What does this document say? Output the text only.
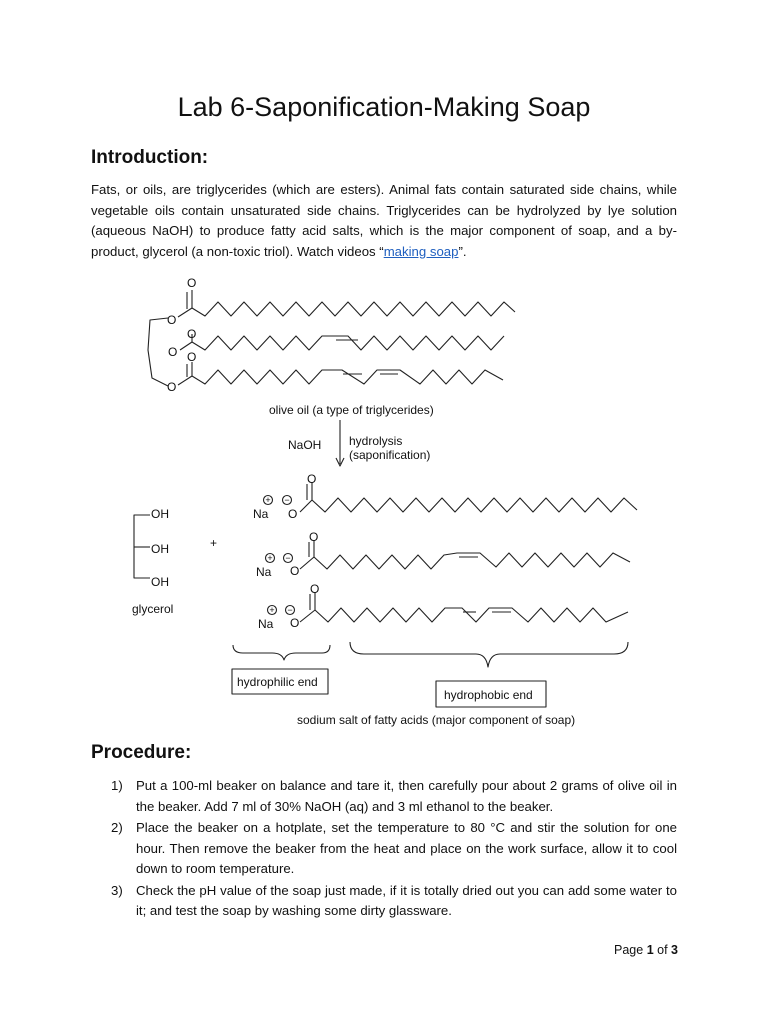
Lab 6-Saponification-Making Soap
Introduction:
Fats, or oils, are triglycerides (which are esters). Animal fats contain saturated side chains, while vegetable oils contain unsaturated side chains. Triglycerides can be hydrolyzed by lye solution (aqueous NaOH) to produce fatty acid salts, which is the major component of soap, and a by-product, glycerol (a non-toxic triol). Watch videos “making soap”.
O
O
O
O O
O
O
O
O
O
O
O
olive oil (a type of triglycerides)
NaOH hydrolysis
(saponification)
OH
OH
OH
glycerol
+
Na
Na
Na
+ −
+ −
+ −
hydrophilic end
hydrophobic end
sodium salt of fatty acids (major component of soap)
Procedure:
1) Put a 100-ml beaker on balance and tare it, then carefully pour about 2 grams of olive oil in the beaker. Add 7 ml of 30% NaOH (aq) and 3 ml ethanol to the beaker.
2) Place the beaker on a hotplate, set the temperature to 80 °C and stir the solution for one hour. Then remove the beaker from the heat and place on the work surface, allow it to cool down to room temperature.
3) Check the pH value of the soap just made, if it is totally dried out you can add some water to it; and test the soap by washing some dirty glassware.
Page 1 of 3
